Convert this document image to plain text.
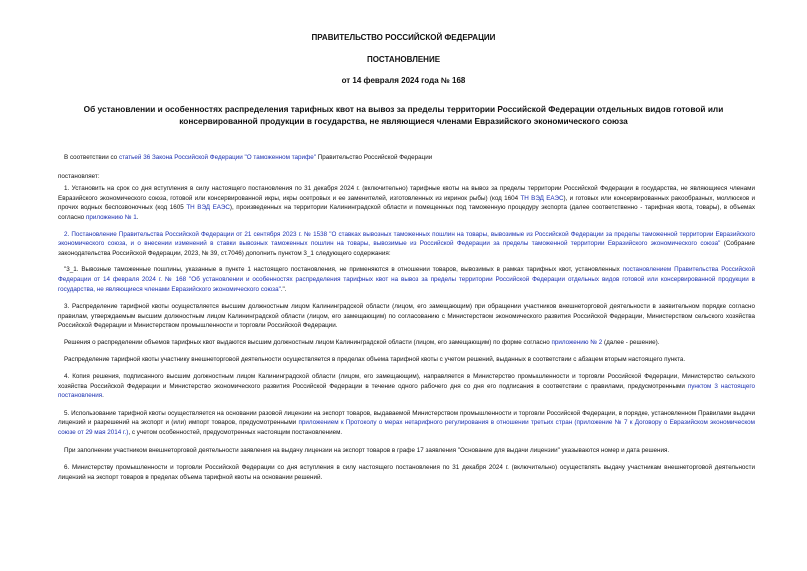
ПРАВИТЕЛЬСТВО РОССИЙСКОЙ ФЕДЕРАЦИИ
ПОСТАНОВЛЕНИЕ
от 14 февраля 2024 года № 168
Об установлении и особенностях распределения тарифных квот на вывоз за пределы территории Российской Федерации отдельных видов готовой или консервированной продукции в государства, не являющиеся членами Евразийского экономического союза

В соответствии со статьей 36 Закона Российской Федерации "О таможенном тарифе" Правительство Российской Федерации

постановляет:

1. Установить на срок со дня вступления в силу настоящего постановления по 31 декабря 2024 г. (включительно) тарифные квоты на вывоз за пределы территории Российской Федерации в государства, не являющиеся членами Евразийского экономического союза, готовой или консервированной икры, икры осетровых и ее заменителей, изготовленных из икринок рыбы) (код 1604 ТН ВЭД ЕАЭС), и готовых или консервированных ракообразных, моллюсков и прочих водных беспозвоночных (код 1605 ТН ВЭД ЕАЭС), произведенных на территории Калининградской области и помещенных под таможенную процедуру экспорта (далее соответственно - тарифная квота, товары), в объемах согласно приложению № 1.

2. Постановление Правительства Российской Федерации от 21 сентября 2023 г. № 1538 "О ставках вывозных таможенных пошлин на товары, вывозимые из Российской Федерации за пределы таможенной территории Евразийского экономического союза, и о внесении изменений в ставки вывозных таможенных пошлин на товары, вывозимые из Российской Федерации за пределы таможенной территории Евразийского экономического союза" (Собрание законодательства Российской Федерации, 2023, № 39, ст.7046) дополнить пунктом 3_1 следующего содержания:

"3_1. Вывозные таможенные пошлины, указанные в пункте 1 настоящего постановления, не применяются в отношении товаров, вывозимых в рамках тарифных квот, установленных постановлением Правительства Российской Федерации от 14 февраля 2024 г. № 168 "Об установлении и особенностях распределения тарифных квот на вывоз за пределы территории Российской Федерации отдельных видов готовой или консервированной продукции в государства, не являющиеся членами Евразийского экономического союза".".

3. Распределение тарифной квоты осуществляется высшим должностным лицом Калининградской области (лицом, его замещающим) при обращении участников внешнеторговой деятельности в заявительном порядке согласно правилам, утверждаемым высшим должностным лицом Калининградской области (лицом, его замещающим) по согласованию с Министерством экономического развития Российской Федерации, Министерством сельского хозяйства Российской Федерации и Министерством промышленности и торговли Российской Федерации.

Решения о распределении объемов тарифных квот выдаются высшим должностным лицом Калининградской области (лицом, его замещающим) по форме согласно приложению № 2 (далее - решение).

Распределение тарифной квоты участнику внешнеторговой деятельности осуществляется в пределах объема тарифной квоты с учетом решений, выданных в соответствии с абзацем вторым настоящего пункта.

4. Копия решения, подписанного высшим должностным лицом Калининградской области (лицом, его замещающим), направляется в Министерство промышленности и торговли Российской Федерации, Министерство сельского хозяйства Российской Федерации и Министерство экономического развития Российской Федерации в течение одного рабочего дня со дня его подписания в соответствии с правилами, предусмотренными пунктом 3 настоящего постановления.

5. Использование тарифной квоты осуществляется на основании разовой лицензии на экспорт товаров, выдаваемой Министерством промышленности и торговли Российской Федерации, в порядке, установленном Правилами выдачи лицензий и разрешений на экспорт и (или) импорт товаров, предусмотренными приложением к Протоколу о мерах нетарифного регулирования в отношении третьих стран (приложение № 7 к Договору о Евразийском экономическом союзе от 29 мая 2014 г.), с учетом особенностей, предусмотренных настоящим постановлением.

При заполнении участником внешнеторговой деятельности заявления на выдачу лицензии на экспорт товаров в графе 17 заявления "Основание для выдачи лицензии" указываются номер и дата решения.

6. Министерству промышленности и торговли Российской Федерации со дня вступления в силу настоящего постановления по 31 декабря 2024 г. (включительно) осуществлять выдачу участникам внешнеторговой деятельности лицензий на экспорт товаров в пределах объема тарифной квоты на основании решений.
